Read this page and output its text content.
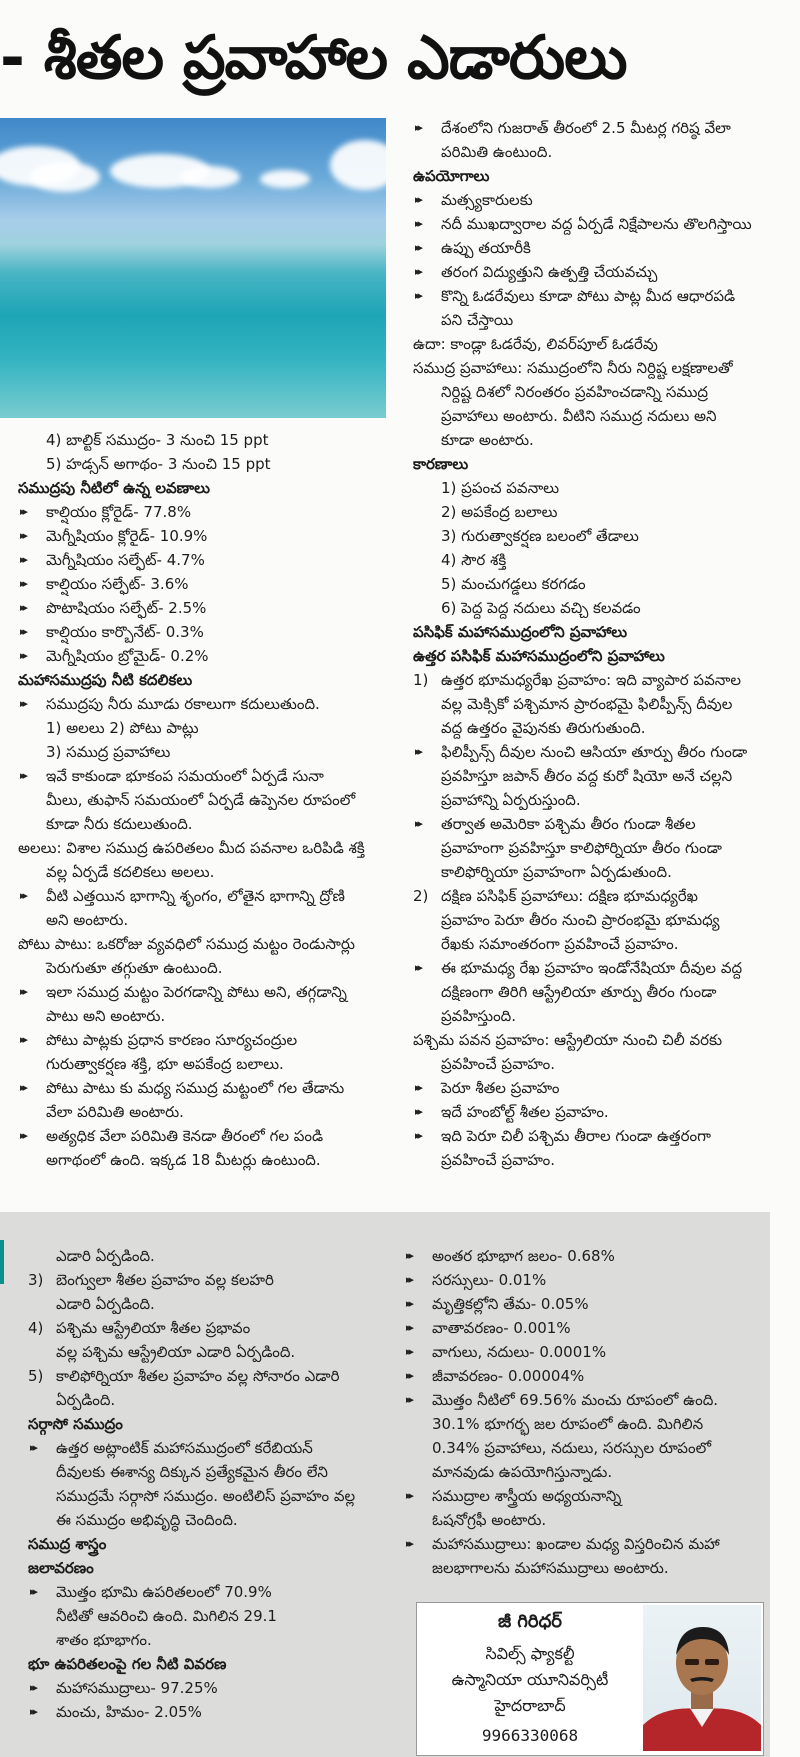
- శీతల ప్రవాహాల ఎడారులు
4) బాల్టిక్ సముద్రం- 3 నుంచి 15 ppt
5) హడ్సన్ అగాథం- 3 నుంచి 15 ppt
సముద్రపు నీటిలో ఉన్న లవణాలు
▸▸ కాల్షియం క్లోరైడ్- 77.8%
▸▸ మెగ్నీషియం క్లోరైడ్- 10.9%
▸▸ మెగ్నీషియం సల్ఫేట్- 4.7%
▸▸ కాల్షియం సల్ఫేట్- 3.6%
▸▸ పొటాషియం సల్ఫేట్- 2.5%
▸▸ కాల్షియం కార్బొనేట్- 0.3%
▸▸ మెగ్నీషియం బ్రోమైడ్- 0.2%
మహాసముద్రపు నీటి కదలికలు
▸▸ సముద్రపు నీరు మూడు రకాలుగా కదులుతుంది.
1) అలలు 2) పోటు పాట్లు
3) సముద్ర ప్రవాహాలు
▸▸ ఇవే కాకుండా భూకంప సమయంలో ఏర్పడే సునా
మీలు, తుఫాన్ సమయంలో ఏర్పడే ఉప్పెనల రూపంలో
కూడా నీరు కదులుతుంది.
అలలు: విశాల సముద్ర ఉపరితలం మీద పవనాల ఒరిపిడి శక్తి
వల్ల ఏర్పడే కదలికలు అలలు.
▸▸ వీటి ఎత్తయిన భాగాన్ని శృంగం, లోతైన భాగాన్ని ద్రోణి
అని అంటారు.
పోటు పాటు: ఒకరోజు వ్యవధిలో సముద్ర మట్టం రెండుసార్లు
పెరుగుతూ తగ్గుతూ ఉంటుంది.
▸▸ ఇలా సముద్ర మట్టం పెరగడాన్ని పోటు అని, తగ్గడాన్ని
పాటు అని అంటారు.
▸▸ పోటు పాట్లకు ప్రధాన కారణం సూర్యచంద్రుల
గురుత్వాకర్షణ శక్తి, భూ అపకేంద్ర బలాలు.
▸▸ పోటు పాటు కు మధ్య సముద్ర మట్టంలో గల తేడాను
వేలా పరిమితి అంటారు.
▸▸ అత్యధిక వేలా పరిమితి కెనడా తీరంలో గల పండి
అగాథంలో ఉంది. ఇక్కడ 18 మీటర్లు ఉంటుంది.
▸▸ దేశంలోని గుజరాత్ తీరంలో 2.5 మీటర్ల గరిష్ఠ వేలా
పరిమితి ఉంటుంది.
ఉపయోగాలు
▸▸ మత్స్యకారులకు
▸▸ నదీ ముఖద్వారాల వద్ద ఏర్పడే నిక్షేపాలను తొలగిస్తాయి
▸▸ ఉప్పు తయారీకి
▸▸ తరంగ విద్యుత్తుని ఉత్పత్తి చేయవచ్చు
▸▸ కొన్ని ఓడరేవులు కూడా పోటు పాట్ల మీద ఆధారపడి
పని చేస్తాయి
ఉదా: కాండ్లా ఓడరేవు, లివర్‌పూల్ ఓడరేవు
సముద్ర ప్రవాహాలు: సముద్రంలోని నీరు నిర్దిష్ట లక్షణాలతో
నిర్దిష్ట దిశలో నిరంతరం ప్రవహించడాన్ని సముద్ర
ప్రవాహాలు అంటారు. వీటిని సముద్ర నదులు అని
కూడా అంటారు.
కారణాలు
1) ప్రపంచ పవనాలు
2) అపకేంద్ర బలాలు
3) గురుత్వాకర్షణ బలంలో తేడాలు
4) సౌర శక్తి
5) మంచుగడ్డలు కరగడం
6) పెద్ద పెద్ద నదులు వచ్చి కలవడం
పసిఫిక్ మహాసముద్రంలోని ప్రవాహాలు
ఉత్తర పసిఫిక్ మహాసముద్రంలోని ప్రవాహాలు
1) ఉత్తర భూమధ్యరేఖ ప్రవాహం: ఇది వ్యాపార పవనాల
వల్ల మెక్సికో పశ్చిమాన ప్రారంభమై ఫిలిప్పీన్స్ దీవుల
వద్ద ఉత్తరం వైపునకు తిరుగుతుంది.
▸▸ ఫిలిప్పీన్స్ దీవుల నుంచి ఆసియా తూర్పు తీరం గుండా
ప్రవహిస్తూ జపాన్ తీరం వద్ద కురో షియో అనే చల్లని
ప్రవాహాన్ని ఏర్పరుస్తుంది.
▸▸ తర్వాత అమెరికా పశ్చిమ తీరం గుండా శీతల
ప్రవాహంగా ప్రవహిస్తూ కాలిఫోర్నియా తీరం గుండా
కాలిఫోర్నియా ప్రవాహంగా ఏర్పడుతుంది.
2) దక్షిణ పసిఫిక్ ప్రవాహాలు: దక్షిణ భూమధ్యరేఖ
ప్రవాహం పెరూ తీరం నుంచి ప్రారంభమై భూమధ్య
రేఖకు సమాంతరంగా ప్రవహించే ప్రవాహం.
▸▸ ఈ భూమధ్య రేఖ ప్రవాహం ఇండోనేషియా దీవుల వద్ద
దక్షిణంగా తిరిగి ఆస్ట్రేలియా తూర్పు తీరం గుండా
ప్రవహిస్తుంది.
పశ్చిమ పవన ప్రవాహం: ఆస్ట్రేలియా నుంచి చిలీ వరకు
ప్రవహించే ప్రవాహం.
▸▸ పెరూ శీతల ప్రవాహం
▸▸ ఇదే హంబోల్ట్ శీతల ప్రవాహం.
▸▸ ఇది పెరూ చిలీ పశ్చిమ తీరాల గుండా ఉత్తరంగా
ప్రవహించే ప్రవాహం.
ఎడారి ఏర్పడింది.
3) బెంగ్వులా శీతల ప్రవాహం వల్ల కలహరి
ఎడారి ఏర్పడింది.
4) పశ్చిమ ఆస్ట్రేలియా శీతల ప్రభావం
వల్ల పశ్చిమ ఆస్ట్రేలియా ఎడారి ఏర్పడింది.
5) కాలిఫోర్నియా శీతల ప్రవాహం వల్ల సోనారం ఎడారి
ఏర్పడింది.
సర్గాసో సముద్రం
▸▸ ఉత్తర అట్లాంటిక్ మహాసముద్రంలో కరేబియన్
దీవులకు ఈశాన్య దిక్కున ప్రత్యేకమైన తీరం లేని
సముద్రమే సర్గాసో సముద్రం. అంటిలిస్ ప్రవాహం వల్ల
ఈ సముద్రం అభివృద్ధి చెందింది.
సముద్ర శాస్త్రం
జలావరణం
▸▸ మొత్తం భూమి ఉపరితలంలో 70.9%
నీటితో ఆవరించి ఉంది. మిగిలిన 29.1
శాతం భూభాగం.
భూ ఉపరితలంపై గల నీటి వివరణ
▸▸ మహాసముద్రాలు- 97.25%
▸▸ మంచు, హిమం- 2.05%
▸▸ అంతర భూభాగ జలం- 0.68%
▸▸ సరస్సులు- 0.01%
▸▸ మృత్తికల్లోని తేమ- 0.05%
▸▸ వాతావరణం- 0.001%
▸▸ వాగులు, నదులు- 0.0001%
▸▸ జీవావరణం- 0.00004%
▸▸ మొత్తం నీటిలో 69.56% మంచు రూపంలో ఉంది.
30.1% భూగర్భ జల రూపంలో ఉంది. మిగిలిన
0.34% ప్రవాహాలు, నదులు, సరస్సుల రూపంలో
మానవుడు ఉపయోగిస్తున్నాడు.
▸▸ సముద్రాల శాస్త్రీయ అధ్యయనాన్ని
ఓషనోగ్రఫీ అంటారు.
▸▸ మహాసముద్రాలు: ఖండాల మధ్య విస్తరించిన మహా
జలభాగాలను మహాసముద్రాలు అంటారు.
జీ గిరిధర్
సివిల్స్ ఫ్యాకల్టీ
ఉస్మానియా యూనివర్సిటీ
హైదరాబాద్
9966330068
